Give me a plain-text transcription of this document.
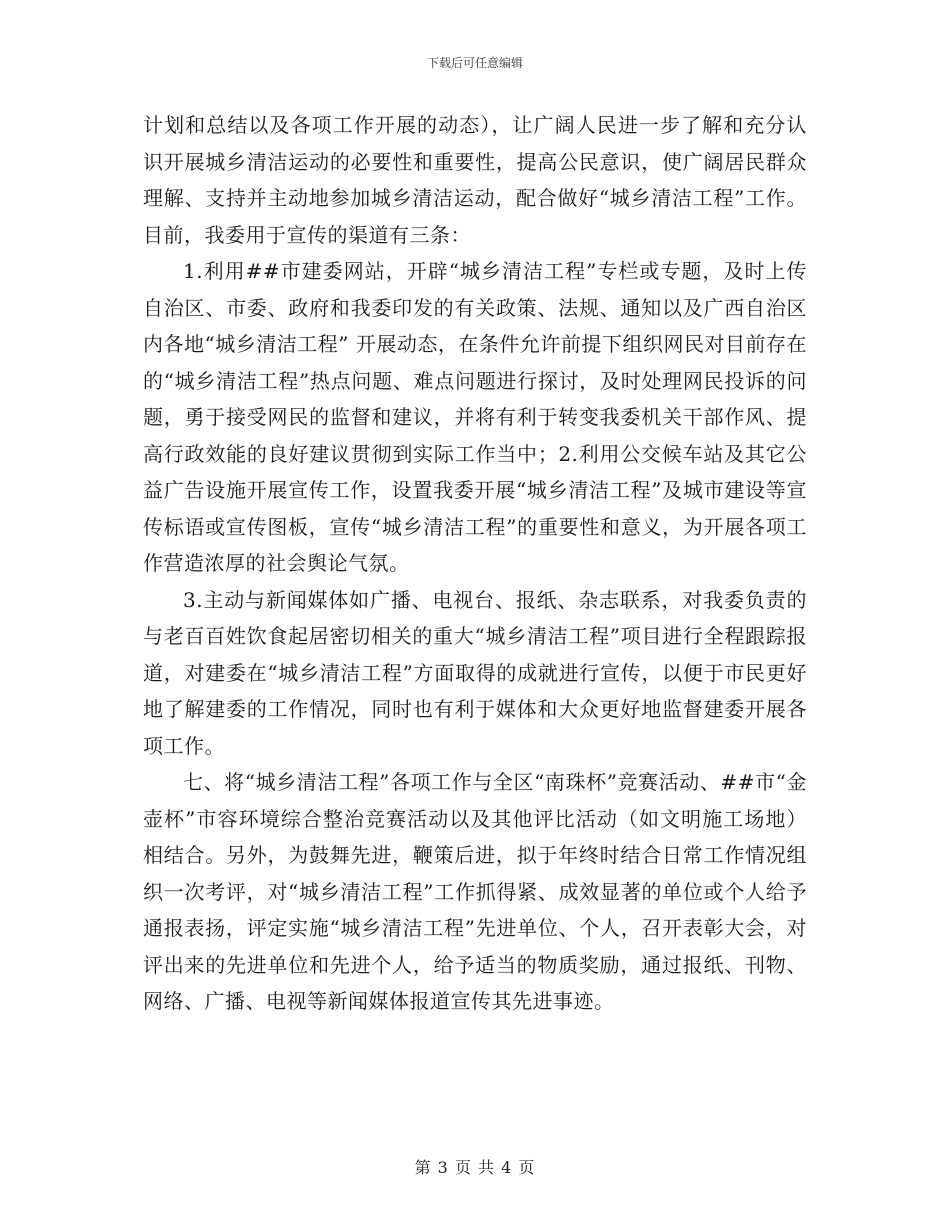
下载后可任意编辑

计划和总结以及各项工作开展的动态），让广阔人民进一步了解和充分认识开展城乡清洁运动的必要性和重要性，提高公民意识，使广阔居民群众理解、支持并主动地参加城乡清洁运动，配合做好“城乡清洁工程”工作。目前，我委用于宣传的渠道有三条：

1.利用##市建委网站，开辟“城乡清洁工程”专栏或专题，及时上传自治区、市委、政府和我委印发的有关政策、法规、通知以及广西自治区内各地“城乡清洁工程” 开展动态，在条件允许前提下组织网民对目前存在的“城乡清洁工程”热点问题、难点问题进行探讨，及时处理网民投诉的问题，勇于接受网民的监督和建议，并将有利于转变我委机关干部作风、提高行政效能的良好建议贯彻到实际工作当中；2.利用公交候车站及其它公益广告设施开展宣传工作，设置我委开展“城乡清洁工程”及城市建设等宣传标语或宣传图板，宣传“城乡清洁工程”的重要性和意义，为开展各项工作营造浓厚的社会舆论气氛。

3.主动与新闻媒体如广播、电视台、报纸、杂志联系，对我委负责的与老百百姓饮食起居密切相关的重大“城乡清洁工程”项目进行全程跟踪报道，对建委在“城乡清洁工程”方面取得的成就进行宣传，以便于市民更好地了解建委的工作情况，同时也有利于媒体和大众更好地监督建委开展各项工作。

七、将“城乡清洁工程”各项工作与全区“南珠杯”竞赛活动、##市“金壶杯”市容环境综合整治竞赛活动以及其他评比活动（如文明施工场地）相结合。另外，为鼓舞先进，鞭策后进，拟于年终时结合日常工作情况组织一次考评，对“城乡清洁工程”工作抓得紧、成效显著的单位或个人给予通报表扬，评定实施“城乡清洁工程”先进单位、个人，召开表彰大会，对评出来的先进单位和先进个人，给予适当的物质奖励，通过报纸、刊物、网络、广播、电视等新闻媒体报道宣传其先进事迹。

第 3 页 共 4 页
